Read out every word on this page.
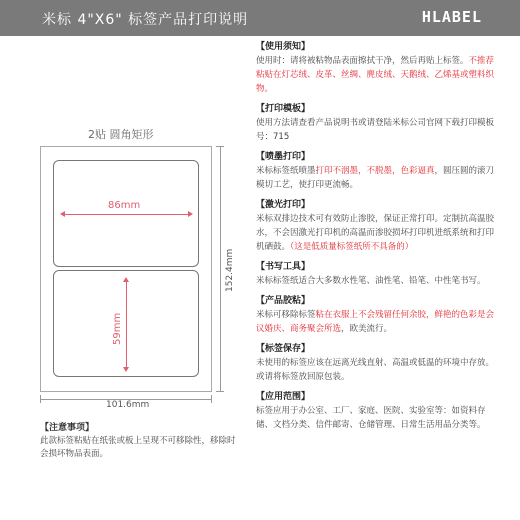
米标 4"X6" 标签产品打印说明	HLABEL
2贴 圆角矩形
86mm
59mm
101.6mm
152.4mm
【注意事项】
此款标签粘贴在纸张或板上呈现不可移除性，移除时会损坏物品表面。
【使用须知】
使用时：请将被粘物品表面擦拭干净，然后再贴上标签。不推荐粘贴在灯芯绒、皮革、丝绸、麂皮绒、天鹅绒、乙烯基或塑料织物。
【打印模板】
使用方法请查看产品说明书或请登陆米标公司官网下载打印模板号：715
【喷墨打印】
米标标签纸喷墨打印不洇墨，不脱墨，色彩逼真，圆压圆的滚刀模切工艺，使打印更流畅。
【激光打印】
米标双排边技术可有效防止渗胶，保证正常打印。定制抗高温胶水，不会因激光打印机的高温而渗胶损坏打印机进纸系统和打印机硒鼓。（这是低质量标签纸所不具备的）
【书写工具】
米标标签纸适合大多数水性笔、油性笔、铅笔、中性笔书写。
【产品胶粘】
米标可移除标签粘在衣服上不会残留任何余胶，鲜艳的色彩是会议婚庆、商务聚会所选，欧美流行。
【标签保存】
未使用的标签应该在远离光线直射、高温或低温的环境中存放。或请将标签放回原包装。
【应用范围】
标签应用于办公室、工厂、家庭、医院、实验室等：如资料存储、文档分类、信件邮寄、仓储管理、日常生活用品分类等。
